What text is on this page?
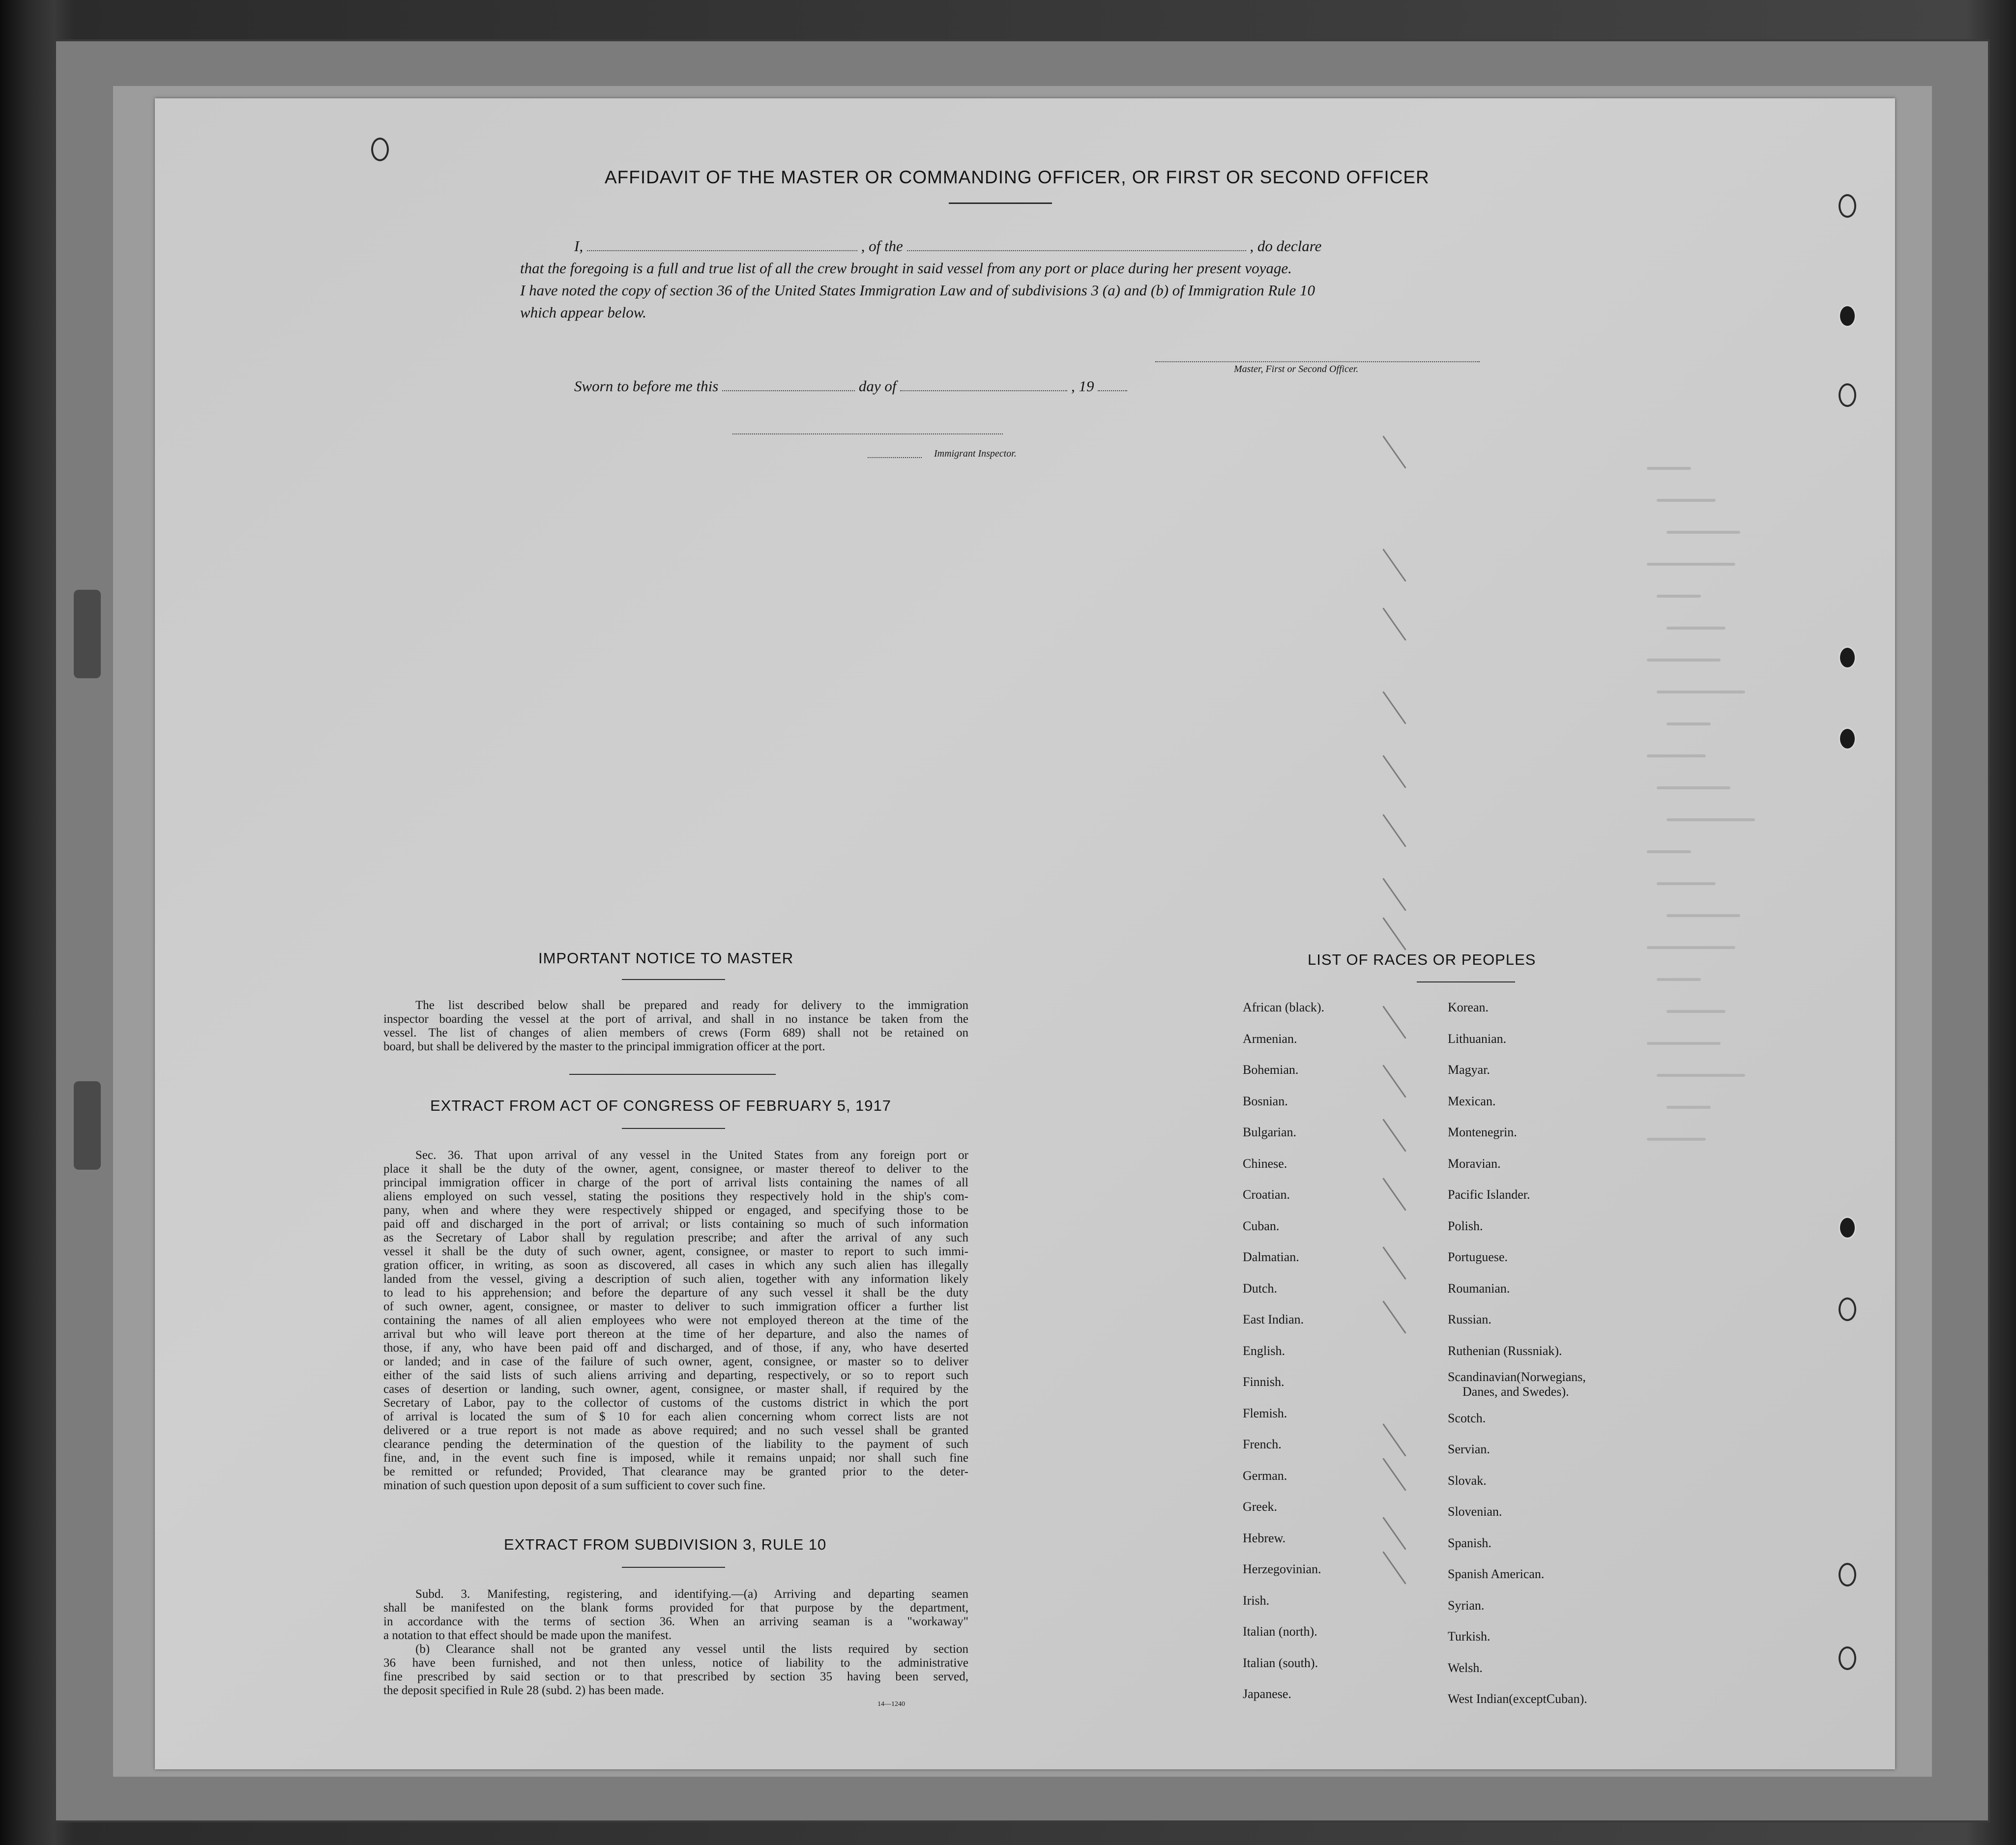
AFFIDAVIT OF THE MASTER OR COMMANDING OFFICER, OR FIRST OR SECOND OFFICER
I,	, of the	, do declare
that the foregoing is a full and true list of all the crew brought in said vessel from any port or place during her present voyage.
I have noted the copy of section 36 of the United States Immigration Law and of subdivisions 3 (a) and (b) of Immigration Rule 10
which appear below.
Master, First or Second Officer.
Sworn to before me this	day of	, 19
Immigrant Inspector.
IMPORTANT NOTICE TO MASTER
The list described below shall be prepared and ready for delivery to the immigration
inspector boarding the vessel at the port of arrival, and shall in no instance be taken from the
vessel. The list of changes of alien members of crews (Form 689) shall not be retained on
board, but shall be delivered by the master to the principal immigration officer at the port.
EXTRACT FROM ACT OF CONGRESS OF FEBRUARY 5, 1917
Sec. 36. That upon arrival of any vessel in the United States from any foreign port or
place it shall be the duty of the owner, agent, consignee, or master thereof to deliver to the
principal immigration officer in charge of the port of arrival lists containing the names of all
aliens employed on such vessel, stating the positions they respectively hold in the ship's com-
pany, when and where they were respectively shipped or engaged, and specifying those to be
paid off and discharged in the port of arrival; or lists containing so much of such information
as the Secretary of Labor shall by regulation prescribe; and after the arrival of any such
vessel it shall be the duty of such owner, agent, consignee, or master to report to such immi-
gration officer, in writing, as soon as discovered, all cases in which any such alien has illegally
landed from the vessel, giving a description of such alien, together with any information likely
to lead to his apprehension; and before the departure of any such vessel it shall be the duty
of such owner, agent, consignee, or master to deliver to such immigration officer a further list
containing the names of all alien employees who were not employed thereon at the time of the
arrival but who will leave port thereon at the time of her departure, and also the names of
those, if any, who have been paid off and discharged, and of those, if any, who have deserted
or landed; and in case of the failure of such owner, agent, consignee, or master so to deliver
either of the said lists of such aliens arriving and departing, respectively, or so to report such
cases of desertion or landing, such owner, agent, consignee, or master shall, if required by the
Secretary of Labor, pay to the collector of customs of the customs district in which the port
of arrival is located the sum of $ 10 for each alien concerning whom correct lists are not
delivered or a true report is not made as above required; and no such vessel shall be granted
clearance pending the determination of the question of the liability to the payment of such
fine, and, in the event such fine is imposed, while it remains unpaid; nor shall such fine
be remitted or refunded; Provided, That clearance may be granted prior to the deter-
mination of such question upon deposit of a sum sufficient to cover such fine.
EXTRACT FROM SUBDIVISION 3, RULE 10
Subd. 3. Manifesting, registering, and identifying.—(a) Arriving and departing seamen
shall be manifested on the blank forms provided for that purpose by the department,
in accordance with the terms of section 36. When an arriving seaman is a "workaway"
a notation to that effect should be made upon the manifest.
(b) Clearance shall not be granted any vessel until the lists required by section
36 have been furnished, and not then unless, notice of liability to the administrative
fine prescribed by said section or to that prescribed by section 35 having been served,
the deposit specified in Rule 28 (subd. 2) has been made.
14—1240
LIST OF RACES OR PEOPLES
African (black).
Armenian.
Bohemian.
Bosnian.
Bulgarian.
Chinese.
Croatian.
Cuban.
Dalmatian.
Dutch.
East Indian.
English.
Finnish.
Flemish.
French.
German.
Greek.
Hebrew.
Herzegovinian.
Irish.
Italian (north).
Italian (south).
Japanese.
Korean.
Lithuanian.
Magyar.
Mexican.
Montenegrin.
Moravian.
Pacific Islander.
Polish.
Portuguese.
Roumanian.
Russian.
Ruthenian (Russniak).
Scandinavian(Norwegians,
Danes, and Swedes).
Scotch.
Servian.
Slovak.
Slovenian.
Spanish.
Spanish American.
Syrian.
Turkish.
Welsh.
West Indian(exceptCuban).
